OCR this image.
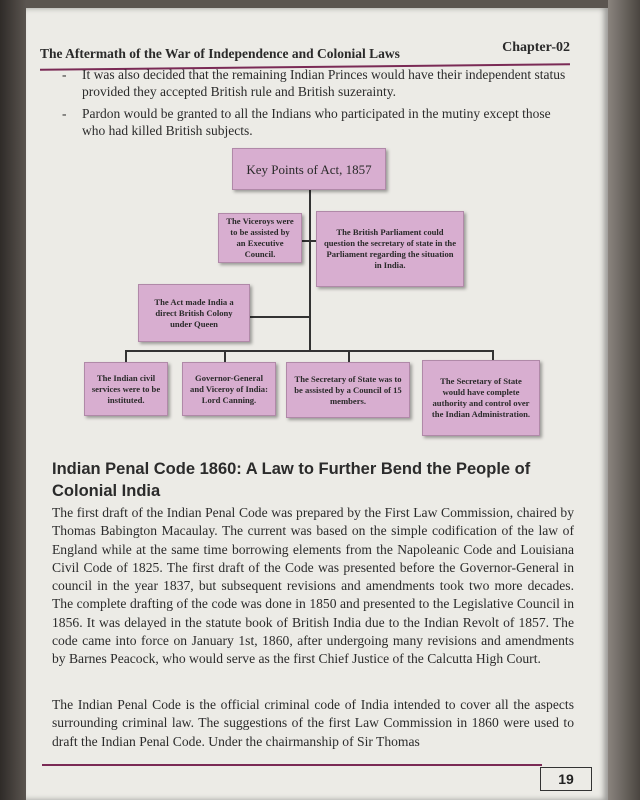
The Aftermath of the War of Independence and Colonial Laws	Chapter-02
- It was also decided that the remaining Indian Princes would have their independent status provided they accepted British rule and British suzerainty.
- Pardon would be granted to all the Indians who participated in the mutiny except those who had killed British subjects.
Key Points of Act, 1857
The Viceroys were to be assisted by an Executive Council.
The British Parliament could question the secretary of state in the Parliament regarding the situation in India.
The Act made India a direct British Colony under Queen
The Indian civil services were to be instituted.
Governor-General and Viceroy of India: Lord Canning.
The Secretary of State was to be assisted by a Council of 15 members.
The Secretary of State would have complete authority and control over the Indian Administration.
Indian Penal Code 1860: A Law to Further Bend the People of Colonial India
The first draft of the Indian Penal Code was prepared by the First Law Commission, chaired by Thomas Babington Macaulay. The current was based on the simple codification of the law of England while at the same time borrowing elements from the Napoleanic Code and Louisiana Civil Code of 1825. The first draft of the Code was presented before the Governor-General in council in the year 1837, but subsequent revisions and amendments took two more decades. The complete drafting of the code was done in 1850 and presented to the Legislative Council in 1856. It was delayed in the statute book of British India due to the Indian Revolt of 1857. The code came into force on January 1st, 1860, after undergoing many revisions and amendments by Barnes Peacock, who would serve as the first Chief Justice of the Calcutta High Court.
The Indian Penal Code is the official criminal code of India intended to cover all the aspects surrounding criminal law. The suggestions of the first Law Commission in 1860 were used to draft the Indian Penal Code. Under the chairmanship of Sir Thomas
19
